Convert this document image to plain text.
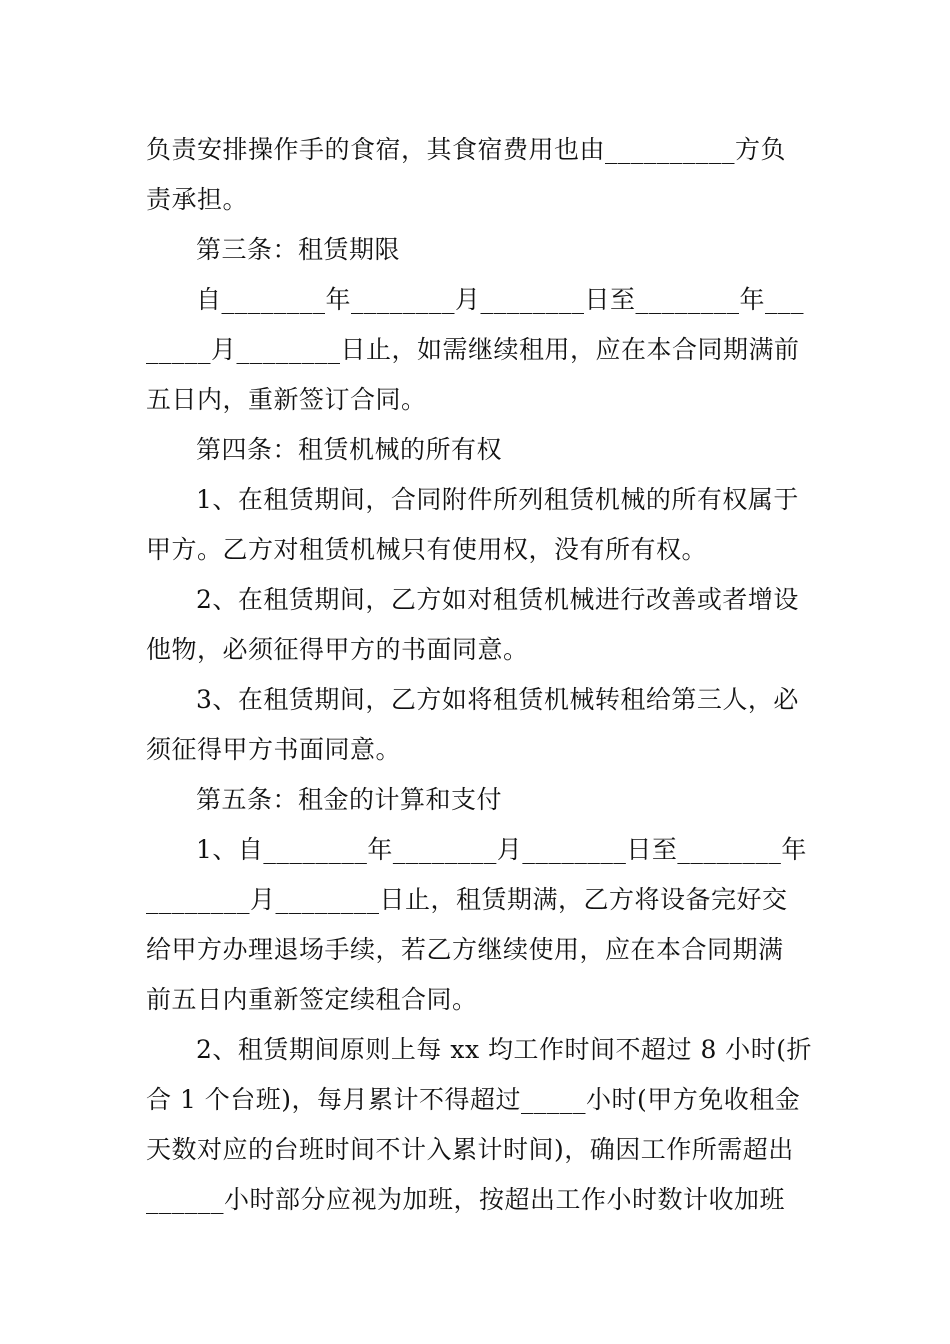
负责安排操作手的食宿，其食宿费用也由__________方负
责承担。
第三条：租赁期限
自________年________月________日至________年___
_____月________日止，如需继续租用，应在本合同期满前
五日内，重新签订合同。
第四条：租赁机械的所有权
1、在租赁期间，合同附件所列租赁机械的所有权属于
甲方。乙方对租赁机械只有使用权，没有所有权。
2、在租赁期间，乙方如对租赁机械进行改善或者增设
他物，必须征得甲方的书面同意。
3、在租赁期间，乙方如将租赁机械转租给第三人，必
须征得甲方书面同意。
第五条：租金的计算和支付
1、自________年________月________日至________年
________月________日止，租赁期满，乙方将设备完好交
给甲方办理退场手续，若乙方继续使用，应在本合同期满
前五日内重新签定续租合同。
2、租赁期间原则上每 xx 均工作时间不超过 8 小时(折
合 1 个台班)，每月累计不得超过_____小时(甲方免收租金
天数对应的台班时间不计入累计时间)，确因工作所需超出
______小时部分应视为加班，按超出工作小时数计收加班
